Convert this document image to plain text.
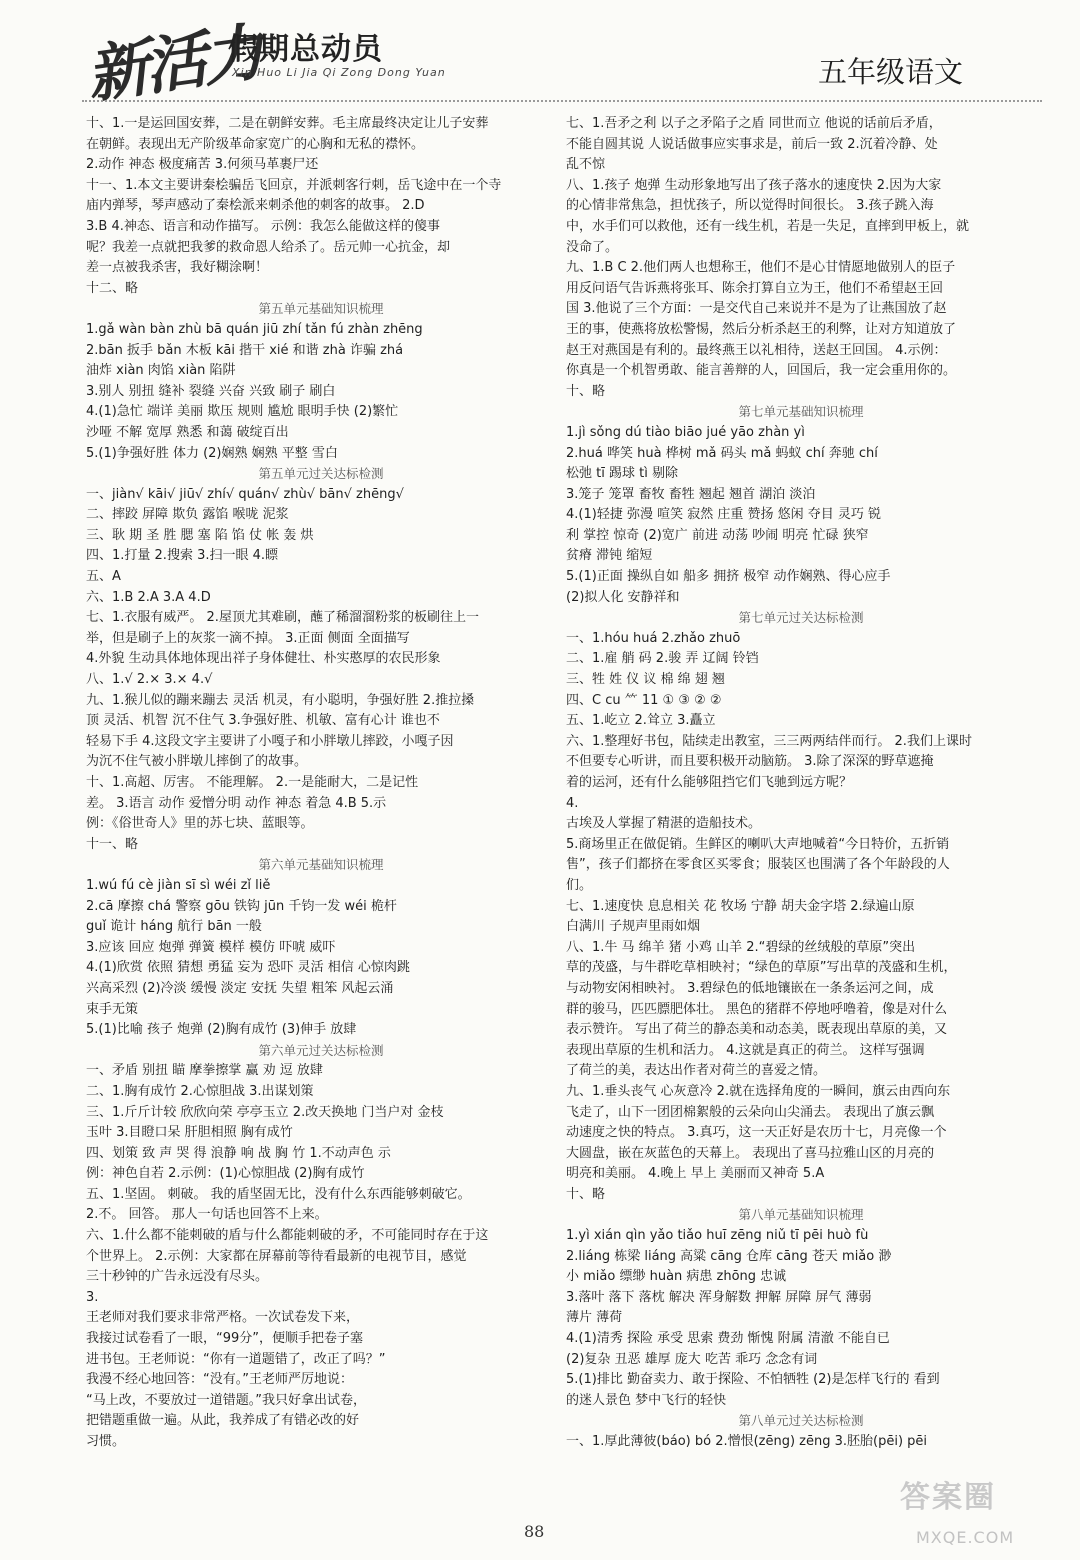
新活力
假期总动员
Xin Huo Li Jia Qi Zong Dong Yuan	五年级语文
十、1.一是运回国安葬，二是在朝鲜安葬。毛主席最终决定让儿子安葬
在朝鲜。表现出无产阶级革命家宽广的心胸和无私的襟怀。
2.动作 神态 极度痛苦 3.何须马革裹尸还
十一、1.本文主要讲秦桧骗岳飞回京，并派刺客行刺，岳飞途中在一个寺
庙内弹琴，琴声感动了秦桧派来刺杀他的刺客的故事。 2.D
3.B 4.神态、语言和动作描写。 示例：我怎么能做这样的傻事
呢？我差一点就把我爹的救命恩人给杀了。岳元帅一心抗金，却
差一点被我杀害，我好糊涂啊！
十二、略
第五单元基础知识梳理
1.gǎ wàn bàn zhù bā quán jiū zhí tǎn fú zhàn zhēng
2.bān 扳手 bǎn 木板 kāi 揩干 xié 和谐 zhà 诈骗 zhá
油炸 xiàn 肉馅 xiàn 陷阱
3.别人 别扭 缝补 裂缝 兴奋 兴致 刷子 刷白
4.(1)急忙 端详 美丽 欺压 规则 尴尬 眼明手快 (2)繁忙
沙哑 不解 宽厚 熟悉 和蔼 破绽百出
5.(1)争强好胜 体力 (2)娴熟 娴熟 平整 雪白
第五单元过关达标检测
一、jiàn√ kāi√ jiū√ zhí√ quán√ zhù√ bān√ zhēng√
二、摔跤 屏障 欺负 露馅 喉咙 泥浆
三、耿 期 圣 胜 腮 塞 陷 馅 仗 帐 轰 烘
四、1.打量 2.搜索 3.扫一眼 4.瞟
五、A
六、1.B 2.A 3.A 4.D
七、1.衣服有威严。 2.屋顶尤其难刷，蘸了稀溜溜粉浆的板刷往上一
举，但是刷子上的灰浆一滴不掉。 3.正面 侧面 全面描写
4.外貌 生动具体地体现出祥子身体健壮、朴实憨厚的农民形象
八、1.√ 2.× 3.× 4.√
九、1.猴儿似的蹦来蹦去 灵活 机灵，有小聪明，争强好胜 2.推拉搡
顶 灵活、机智 沉不住气 3.争强好胜、机敏、富有心计 谁也不
轻易下手 4.这段文字主要讲了小嘎子和小胖墩儿摔跤，小嘎子因
为沉不住气被小胖墩儿摔倒了的故事。
十、1.高超、厉害。 不能理解。 2.一是能耐大，二是记性
差。 3.语言 动作 爱憎分明 动作 神态 着急 4.B 5.示
例：《俗世奇人》里的苏七块、蓝眼等。
十一、略
第六单元基础知识梳理
1.wú fú cè jiàn sī sì wéi zǐ liě
2.cā 摩擦 chá 警察 gōu 铁钩 jūn 千钧一发 wéi 桅杆
guǐ 诡计 háng 航行 bān 一般
3.应该 回应 炮弹 弹簧 模样 模仿 吓唬 威吓
4.(1)欣赏 依照 猜想 勇猛 妄为 恐吓 灵活 相信 心惊肉跳
兴高采烈 (2)冷淡 缓慢 淡定 安抚 失望 粗笨 风起云涌
束手无策
5.(1)比喻 孩子 炮弹 (2)胸有成竹 (3)伸手 放肆
第六单元过关达标检测
一、矛盾 别扭 瞄 摩拳擦掌 赢 劝 逗 放肆
二、1.胸有成竹 2.心惊胆战 3.出谋划策
三、1.斤斤计较 欣欣向荣 亭亭玉立 2.改天换地 门当户对 金枝
玉叶 3.目瞪口呆 肝胆相照 胸有成竹
四、划策 致 声 哭 得 浪静 响 战 胸 竹 1.不动声色 示
例：神色自若 2.示例：(1)心惊胆战 (2)胸有成竹
五、1.坚固。 刺破。 我的盾坚固无比，没有什么东西能够刺破它。
2.不。 回答。 那人一句话也回答不上来。
六、1.什么都不能刺破的盾与什么都能刺破的矛，不可能同时存在于这
个世界上。 2.示例：大家都在屏幕前等待看最新的电视节目，感觉
三十秒钟的广告永远没有尽头。
3.
王老师对我们要求非常严格。一次试卷发下来，
我接过试卷看了一眼，“99分”，便顺手把卷子塞
进书包。王老师说：“你有一道题错了，改正了吗？”
我漫不经心地回答：“没有。”王老师严厉地说：
“马上改，不要放过一道错题。”我只好拿出试卷，
把错题重做一遍。从此，我养成了有错必改的好
习惯。
七、1.吾矛之利 以子之矛陷子之盾 同世而立 他说的话前后矛盾，
不能自圆其说 人说话做事应实事求是，前后一致 2.沉着冷静、处
乱不惊
八、1.孩子 炮弹 生动形象地写出了孩子落水的速度快 2.因为大家
的心情非常焦急，担忧孩子，所以觉得时间很长。 3.孩子跳入海
中，水手们可以救他，还有一线生机，若是一失足，直摔到甲板上，就
没命了。
九、1.B C 2.他们两人也想称王，他们不是心甘情愿地做别人的臣子
用反问语气告诉燕将张耳、陈余打算自立为王，他们不希望赵王回
国 3.他说了三个方面：一是交代自己来说并不是为了让燕国放了赵
王的事，使燕将放松警惕，然后分析杀赵王的利弊，让对方知道放了
赵王对燕国是有利的。最终燕王以礼相待，送赵王回国。 4.示例：
你真是一个机智勇敢、能言善辩的人，回国后，我一定会重用你的。
十、略
第七单元基础知识梳理
1.jì sǒng dú tiào biāo jué yāo zhàn yì
2.huá 哗笑 huà 桦树 mǎ 码头 mǎ 蚂蚁 chí 奔驰 chí
松弛 tī 踢球 tì 剔除
3.笼子 笼罩 畜牧 畜牲 翘起 翘首 湖泊 淡泊
4.(1)轻捷 弥漫 喧笑 寂然 庄重 赞扬 悠闲 夺目 灵巧 锐
利 掌控 惊奇 (2)宽广 前进 动荡 吵闹 明亮 忙碌 狭窄
贫瘠 滞钝 缩短
5.(1)正面 操纵自如 船多 拥挤 极窄 动作娴熟、得心应手
(2)拟人化 安静祥和
第七单元过关达标检测
一、1.hóu huá 2.zhǎo zhuō
二、1.雇 艄 码 2.骏 弄 辽阔 铃铛
三、牲 姓 仪 议 棉 绵 翅 翘
四、C cu ⺮ 11 ① ③ ② ②
五、1.屹立 2.耸立 3.矗立
六、1.整理好书包，陆续走出教室，三三两两结伴而行。 2.我们上课时
不但要专心听讲，而且要积极开动脑筋。 3.除了深深的野草遮掩
着的运河，还有什么能够阻挡它们飞驰到远方呢？
4.
古埃及人掌握了精湛的造船技术。
5.商场里正在做促销。生鲜区的喇叭大声地喊着“今日特价，五折销
售”，孩子们都挤在零食区买零食；服装区也围满了各个年龄段的人
们。
七、1.速度快 息息相关 花 牧场 宁静 胡夫金字塔 2.绿遍山原
白满川 子规声里雨如烟
八、1.牛 马 绵羊 猪 小鸡 山羊 2.“碧绿的丝绒般的草原”突出
草的茂盛，与牛群吃草相映衬；“绿色的草原”写出草的茂盛和生机，
与动物安闲相映衬。 3.碧绿色的低地镶嵌在一条条运河之间，成
群的骏马，匹匹膘肥体壮。 黑色的猪群不停地呼噜着，像是对什么
表示赞许。 写出了荷兰的静态美和动态美，既表现出草原的美，又
表现出草原的生机和活力。 4.这就是真正的荷兰。 这样写强调
了荷兰的美，表达出作者对荷兰的喜爱之情。
九、1.垂头丧气 心灰意冷 2.就在选择角度的一瞬间，旗云由西向东
飞走了，山下一团团棉絮般的云朵向山尖涌去。 表现出了旗云飘
动速度之快的特点。 3.真巧，这一天正好是农历十七，月亮像一个
大圆盘，嵌在灰蓝色的天幕上。 表现出了喜马拉雅山区的月亮的
明亮和美丽。 4.晚上 早上 美丽而又神奇 5.A
十、略
第八单元基础知识梳理
1.yì xián qìn yǎo tiǎo huī zēng niǔ tī pēi huò fù
2.liáng 栋梁 liáng 高粱 cāng 仓库 cāng 苍天 miǎo 渺
小 miǎo 缥缈 huàn 病患 zhōng 忠诚
3.落叶 落下 落枕 解决 浑身解数 押解 屏障 屏气 薄弱
薄片 薄荷
4.(1)清秀 探险 承受 思索 费劲 惭愧 附属 清澈 不能自已
(2)复杂 丑恶 雄厚 庞大 吃苦 乖巧 念念有词
5.(1)排比 勤奋卖力、敢于探险、不怕牺牲 (2)是怎样飞行的 看到
的迷人景色 梦中飞行的轻快
第八单元过关达标检测
一、1.厚此薄彼(báo) bó 2.憎恨(zēng) zēng 3.胚胎(pēi) pēi
88
答案圈
MXQE.COM
